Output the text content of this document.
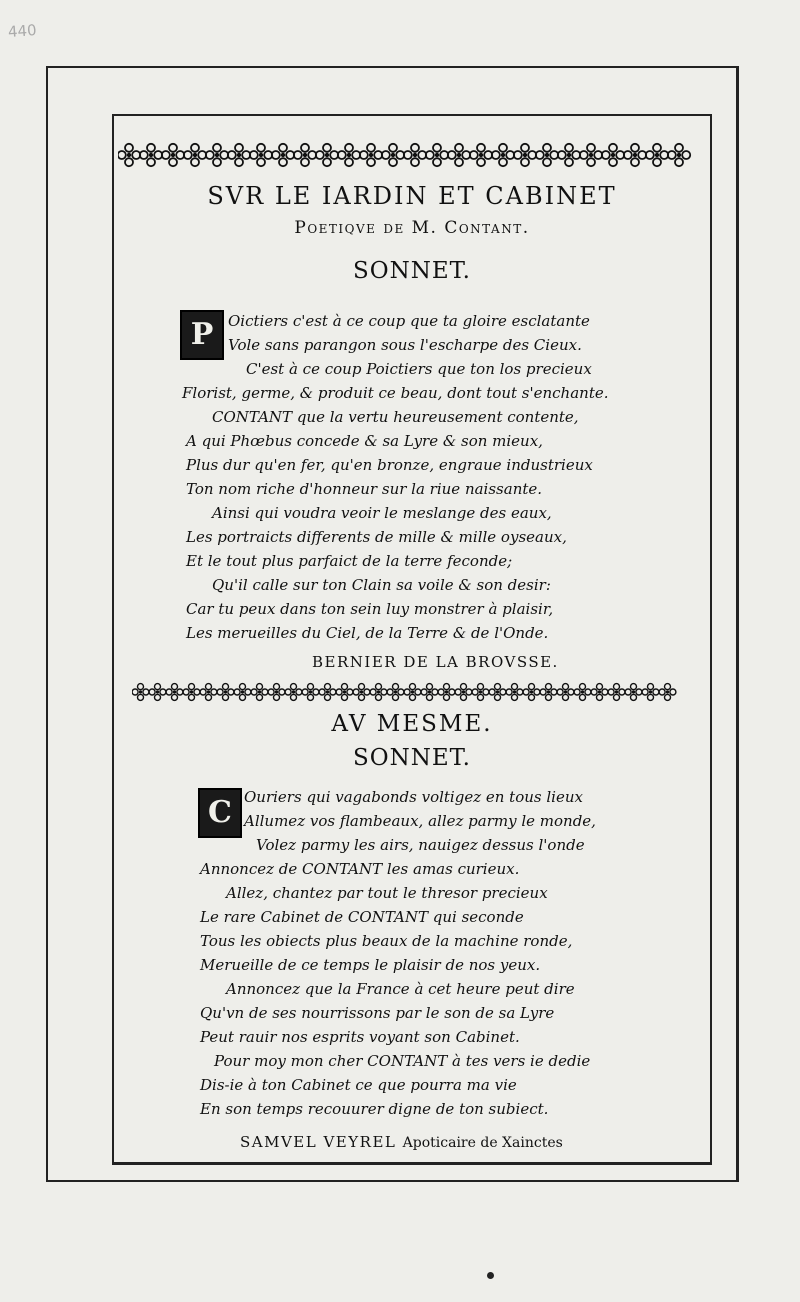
440
SVR LE IARDIN ET CABINET
Poetiqve de M. Contant.
SONNET.
P Oictiers c'est à ce coup que ta gloire esclatante
Vole sans parangon sous l'escharpe des Cieux.
C'est à ce coup Poictiers que ton los precieux
Florist, germe, & produit ce beau, dont tout s'enchante.
CONTANT que la vertu heureusement contente,
A qui Phœbus concede & sa Lyre & son mieux,
Plus dur qu'en fer, qu'en bronze, engraue industrieux
Ton nom riche d'honneur sur la riue naissante.
Ainsi qui voudra veoir le meslange des eaux,
Les portraicts differents de mille & mille oyseaux,
Et le tout plus parfaict de la terre feconde;
Qu'il calle sur ton Clain sa voile & son desir:
Car tu peux dans ton sein luy monstrer à plaisir,
Les merueilles du Ciel, de la Terre & de l'Onde.
BERNIER DE LA BROVSSE.
AV MESME.
SONNET.
C Ouriers qui vagabonds voltigez en tous lieux
Allumez vos flambeaux, allez parmy le monde,
Volez parmy les airs, nauigez dessus l'onde
Annoncez de CONTANT les amas curieux.
Allez, chantez par tout le thresor precieux
Le rare Cabinet de CONTANT qui seconde
Tous les obiects plus beaux de la machine ronde,
Merueille de ce temps le plaisir de nos yeux.
Annoncez que la France à cet heure peut dire
Qu'vn de ses nourrissons par le son de sa Lyre
Peut rauir nos esprits voyant son Cabinet.
Pour moy mon cher CONTANT à tes vers ie dedie
Dis-ie à ton Cabinet ce que pourra ma vie
En son temps recouurer digne de ton subiect.
SAMVEL VEYREL Apoticaire de Xainctes
